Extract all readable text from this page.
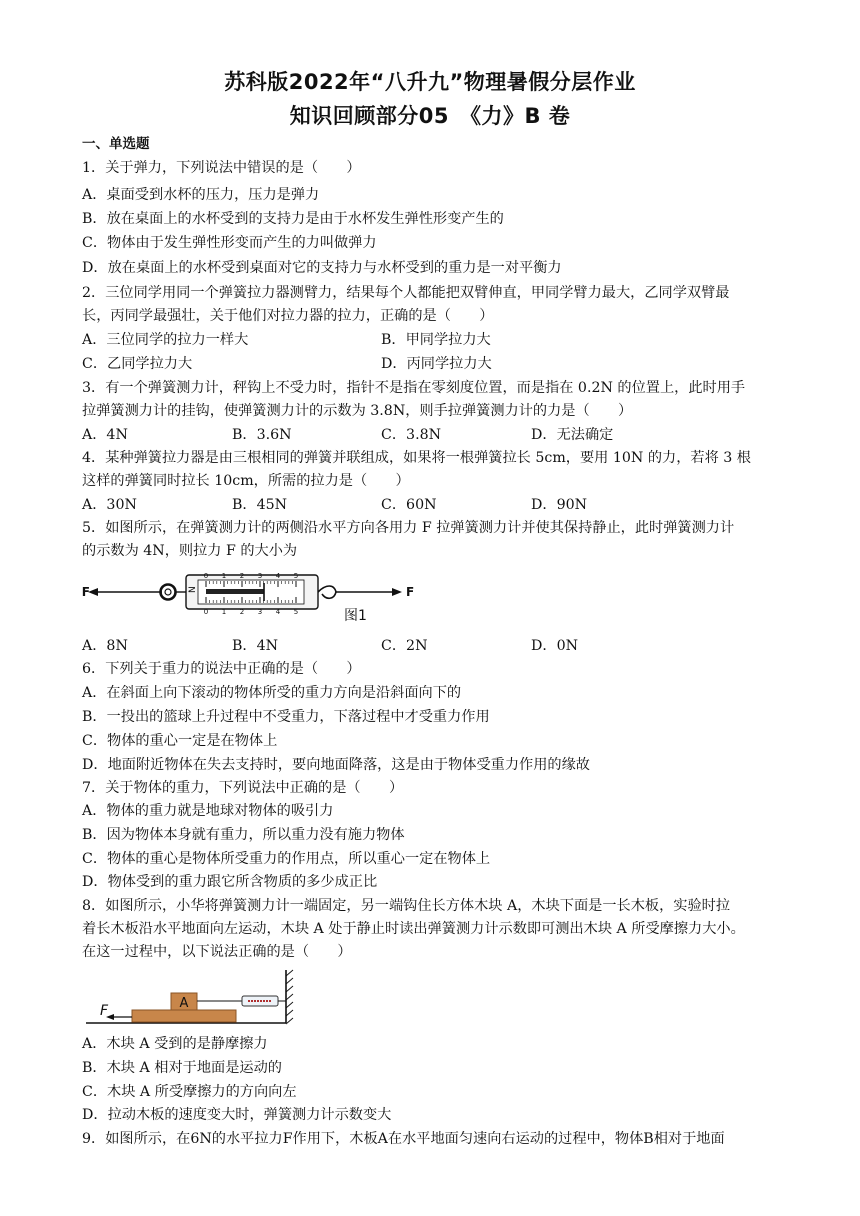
苏科版2022年“八升九”物理暑假分层作业
知识回顾部分05　《力》B 卷
一、单选题
1．关于弹力，下列说法中错误的是（　　）
A．桌面受到水杯的压力，压力是弹力
B．放在桌面上的水杯受到的支持力是由于水杯发生弹性形变产生的
C．物体由于发生弹性形变而产生的力叫做弹力
D．放在桌面上的水杯受到桌面对它的支持力与水杯受到的重力是一对平衡力
2．三位同学用同一个弹簧拉力器测臂力，结果每个人都能把双臂伸直，甲同学臂力最大，乙同学双臂最
长，丙同学最强壮，关于他们对拉力器的拉力，正确的是（　　）
A．三位同学的拉力一样大	B．甲同学拉力大
C．乙同学拉力大	D．丙同学拉力大
3．有一个弹簧测力计，秤钩上不受力时，指针不是指在零刻度位置，而是指在 0.2N 的位置上，此时用手
拉弹簧测力计的挂钩，使弹簧测力计的示数为 3.8N，则手拉弹簧测力计的力是（　　）
A．4N	B．3.6N	C．3.8N	D．无法确定
4．某种弹簧拉力器是由三根相同的弹簧并联组成，如果将一根弹簧拉长 5cm，要用 10N 的力，若将 3 根
这样的弹簧同时拉长 10cm，所需的拉力是（　　）
A．30N	B．45N	C．60N	D．90N
5．如图所示，在弹簧测力计的两侧沿水平方向各用力 F 拉弹簧测力计并使其保持静止，此时弹簧测力计
的示数为 4N，则拉力 F 的大小为
F	N
0 1 2 3 4 5
0 1 2 3 4 5
F
图1
A．8N	B．4N	C．2N	D．0N
6．下列关于重力的说法中正确的是（　　）
A．在斜面上向下滚动的物体所受的重力方向是沿斜面向下的
B．一投出的篮球上升过程中不受重力，下落过程中才受重力作用
C．物体的重心一定是在物体上
D．地面附近物体在失去支持时，要向地面降落，这是由于物体受重力作用的缘故
7．关于物体的重力，下列说法中正确的是（　　）
A．物体的重力就是地球对物体的吸引力
B．因为物体本身就有重力，所以重力没有施力物体
C．物体的重心是物体所受重力的作用点，所以重心一定在物体上
D．物体受到的重力跟它所含物质的多少成正比
8．如图所示，小华将弹簧测力计一端固定，另一端钩住长方体木块 A，木块下面是一长木板，实验时拉
着长木板沿水平地面向左运动，木块 A 处于静止时读出弹簧测力计示数即可测出木块 A 所受摩擦力大小。
在这一过程中，以下说法正确的是（　　）
A
F
A．木块 A 受到的是静摩擦力
B．木块 A 相对于地面是运动的
C．木块 A 所受摩擦力的方向向左
D．拉动木板的速度变大时，弹簧测力计示数变大
9．如图所示，在6N的水平拉力F作用下，木板A在水平地面匀速向右运动的过程中，物体B相对于地面
